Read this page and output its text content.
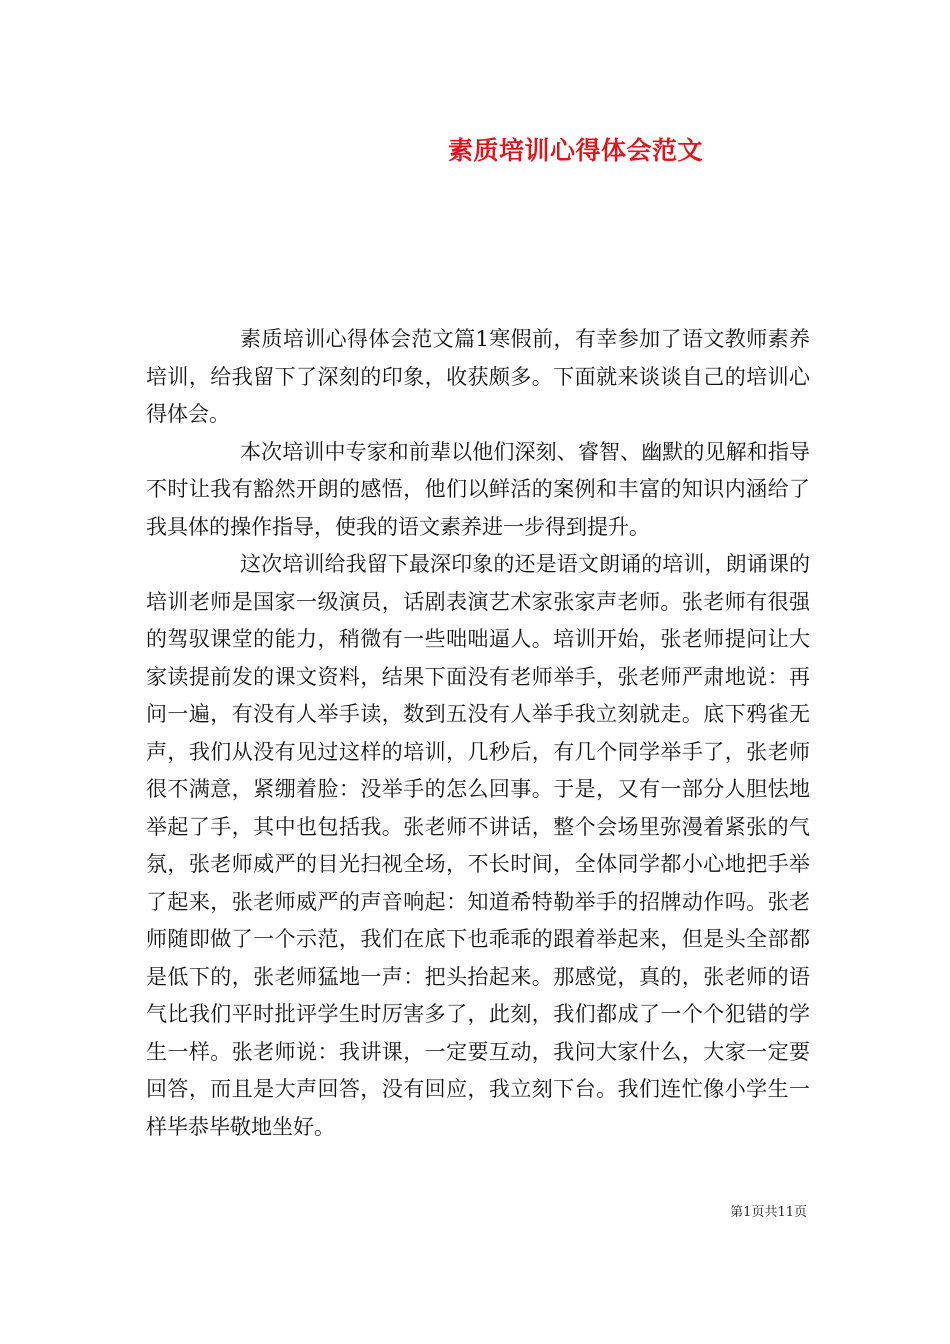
素质培训心得体会范文

素质培训心得体会范文篇1寒假前，有幸参加了语文教师素养培训，给我留下了深刻的印象，收获颇多。下面就来谈谈自己的培训心得体会。

本次培训中专家和前辈以他们深刻、睿智、幽默的见解和指导不时让我有豁然开朗的感悟，他们以鲜活的案例和丰富的知识内涵给了我具体的操作指导，使我的语文素养进一步得到提升。

这次培训给我留下最深印象的还是语文朗诵的培训，朗诵课的培训老师是国家一级演员，话剧表演艺术家张家声老师。张老师有很强的驾驭课堂的能力，稍微有一些咄咄逼人。培训开始，张老师提问让大家读提前发的课文资料，结果下面没有老师举手，张老师严肃地说：再问一遍，有没有人举手读，数到五没有人举手我立刻就走。底下鸦雀无声，我们从没有见过这样的培训，几秒后，有几个同学举手了，张老师很不满意，紧绷着脸：没举手的怎么回事。于是，又有一部分人胆怯地举起了手，其中也包括我。张老师不讲话，整个会场里弥漫着紧张的气氛，张老师威严的目光扫视全场，不长时间，全体同学都小心地把手举了起来，张老师威严的声音响起：知道希特勒举手的招牌动作吗。张老师随即做了一个示范，我们在底下也乖乖的跟着举起来，但是头全部都是低下的，张老师猛地一声：把头抬起来。那感觉，真的，张老师的语气比我们平时批评学生时厉害多了，此刻，我们都成了一个个犯错的学生一样。张老师说：我讲课，一定要互动，我问大家什么，大家一定要回答，而且是大声回答，没有回应，我立刻下台。我们连忙像小学生一样毕恭毕敬地坐好。

第1页共11页
